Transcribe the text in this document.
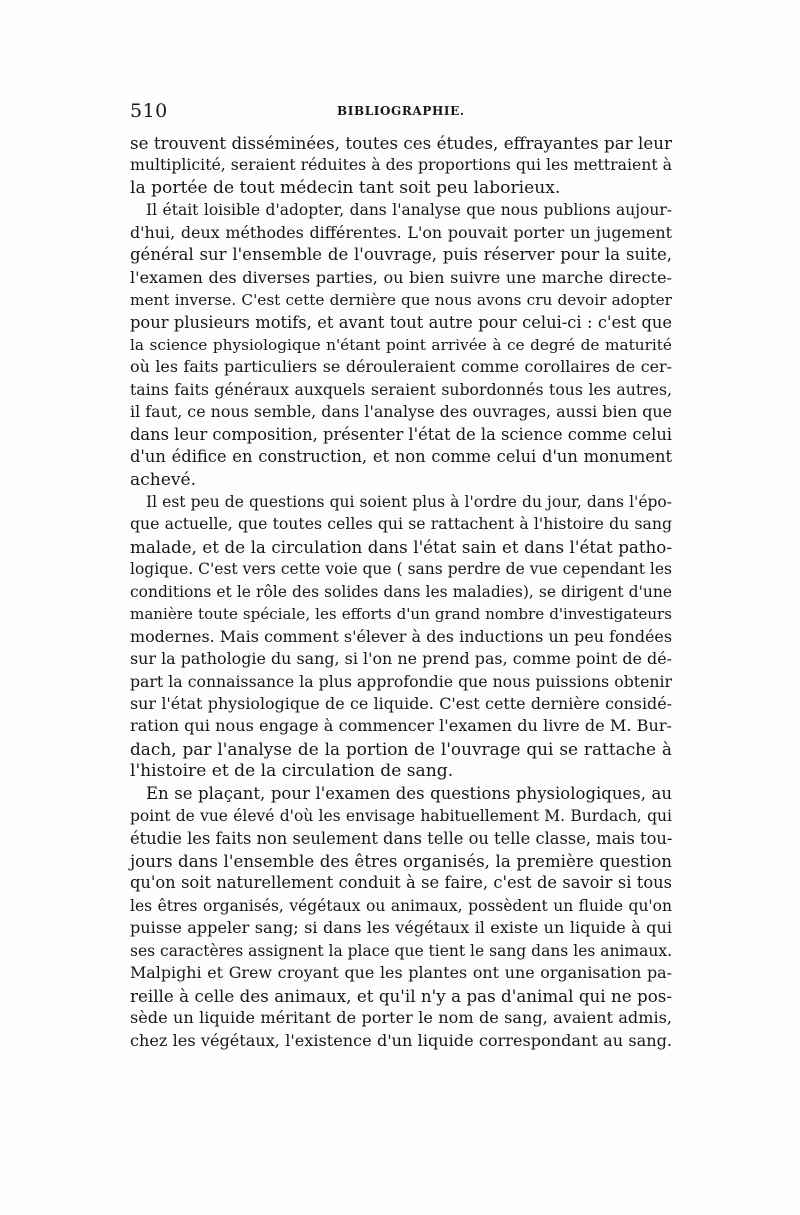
510	BIBLIOGRAPHIE.
se trouvent disséminées, toutes ces études, effrayantes par leur
multiplicité, seraient réduites à des proportions qui les mettraient à
la portée de tout médecin tant soit peu laborieux.
Il était loisible d'adopter, dans l'analyse que nous publions aujour-
d'hui, deux méthodes différentes. L'on pouvait porter un jugement
général sur l'ensemble de l'ouvrage, puis réserver pour la suite,
l'examen des diverses parties, ou bien suivre une marche directe-
ment inverse. C'est cette dernière que nous avons cru devoir adopter
pour plusieurs motifs, et avant tout autre pour celui-ci : c'est que
la science physiologique n'étant point arrivée à ce degré de maturité
où les faits particuliers se dérouleraient comme corollaires de cer-
tains faits généraux auxquels seraient subordonnés tous les autres,
il faut, ce nous semble, dans l'analyse des ouvrages, aussi bien que
dans leur composition, présenter l'état de la science comme celui
d'un édifice en construction, et non comme celui d'un monument
achevé.
Il est peu de questions qui soient plus à l'ordre du jour, dans l'épo-
que actuelle, que toutes celles qui se rattachent à l'histoire du sang
malade, et de la circulation dans l'état sain et dans l'état patho-
logique. C'est vers cette voie que ( sans perdre de vue cependant les
conditions et le rôle des solides dans les maladies), se dirigent d'une
manière toute spéciale, les efforts d'un grand nombre d'investigateurs
modernes. Mais comment s'élever à des inductions un peu fondées
sur la pathologie du sang, si l'on ne prend pas, comme point de dé-
part la connaissance la plus approfondie que nous puissions obtenir
sur l'état physiologique de ce liquide. C'est cette dernière considé-
ration qui nous engage à commencer l'examen du livre de M. Bur-
dach, par l'analyse de la portion de l'ouvrage qui se rattache à
l'histoire et de la circulation de sang.
En se plaçant, pour l'examen des questions physiologiques, au
point de vue élevé d'où les envisage habituellement M. Burdach, qui
étudie les faits non seulement dans telle ou telle classe, mais tou-
jours dans l'ensemble des êtres organisés, la première question
qu'on soit naturellement conduit à se faire, c'est de savoir si tous
les êtres organisés, végétaux ou animaux, possèdent un fluide qu'on
puisse appeler sang; si dans les végétaux il existe un liquide à qui
ses caractères assignent la place que tient le sang dans les animaux.
Malpighi et Grew croyant que les plantes ont une organisation pa-
reille à celle des animaux, et qu'il n'y a pas d'animal qui ne pos-
sède un liquide méritant de porter le nom de sang, avaient admis,
chez les végétaux, l'existence d'un liquide correspondant au sang.
